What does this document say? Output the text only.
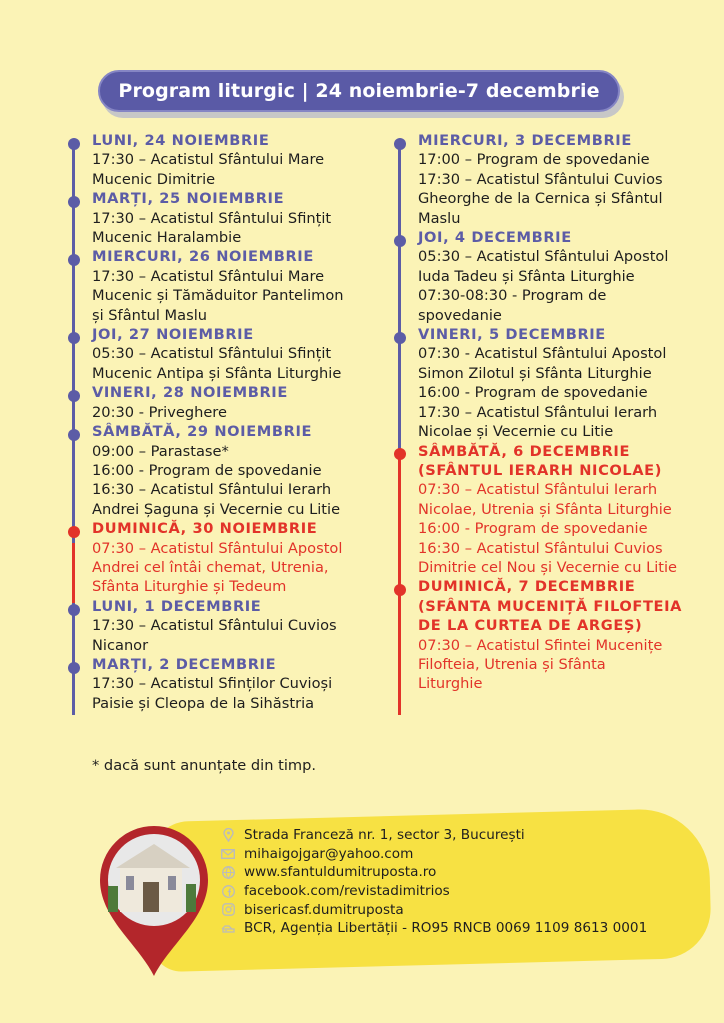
Program liturgic | 24 noiembrie-7 decembrie
LUNI, 24 NOIEMBRIE
17:30 – Acatistul Sfântului Mare
Mucenic Dimitrie
MARȚI, 25 NOIEMBRIE
17:30 – Acatistul Sfântului Sfințit
Mucenic Haralambie
MIERCURI, 26 NOIEMBRIE
17:30 – Acatistul Sfântului Mare
Mucenic și Tămăduitor Pantelimon
și Sfântul Maslu
JOI, 27 NOIEMBRIE
05:30 – Acatistul Sfântului Sfințit
Mucenic Antipa și Sfânta Liturghie
VINERI, 28 NOIEMBRIE
20:30 - Priveghere
SÂMBĂTĂ, 29 NOIEMBRIE
09:00 – Parastase*
16:00 - Program de spovedanie
16:30 – Acatistul Sfântului Ierarh
Andrei Șaguna și Vecernie cu Litie
DUMINICĂ, 30 NOIEMBRIE
07:30 – Acatistul Sfântului Apostol
Andrei cel întâi chemat, Utrenia,
Sfânta Liturghie și Tedeum
LUNI, 1 DECEMBRIE
17:30 – Acatistul Sfântului Cuvios
Nicanor
MARȚI, 2 DECEMBRIE
17:30 – Acatistul Sfinților Cuvioși
Paisie și Cleopa de la Sihăstria
MIERCURI, 3 DECEMBRIE
17:00 – Program de spovedanie
17:30 – Acatistul Sfântului Cuvios
Gheorghe de la Cernica și Sfântul
Maslu
JOI, 4 DECEMBRIE
05:30 – Acatistul Sfântului Apostol
Iuda Tadeu și Sfânta Liturghie
07:30-08:30 - Program de
spovedanie
VINERI, 5 DECEMBRIE
07:30 - Acatistul Sfântului Apostol
Simon Zilotul și Sfânta Liturghie
16:00 - Program de spovedanie
17:30 – Acatistul Sfântului Ierarh
Nicolae și Vecernie cu Litie
SÂMBĂTĂ, 6 DECEMBRIE
(SFÂNTUL IERARH NICOLAE)
07:30 – Acatistul Sfântului Ierarh
Nicolae, Utrenia și Sfânta Liturghie
16:00 - Program de spovedanie
16:30 – Acatistul Sfântului Cuvios
Dimitrie cel Nou și Vecernie cu Litie
DUMINICĂ, 7 DECEMBRIE
(SFÂNTA MUCENIȚĂ FILOFTEIA
DE LA CURTEA DE ARGEȘ)
07:30 – Acatistul Sfintei Mucenițe
Filofteia, Utrenia și Sfânta
Liturghie
* dacă sunt anunțate din timp.
Strada Franceză nr. 1, sector 3, București
mihaigojgar@yahoo.com
www.sfantuldumitruposta.ro
facebook.com/revistadimitrios
bisericasf.dumitruposta
BCR, Agenția Libertății - RO95 RNCB 0069 1109 8613 0001
